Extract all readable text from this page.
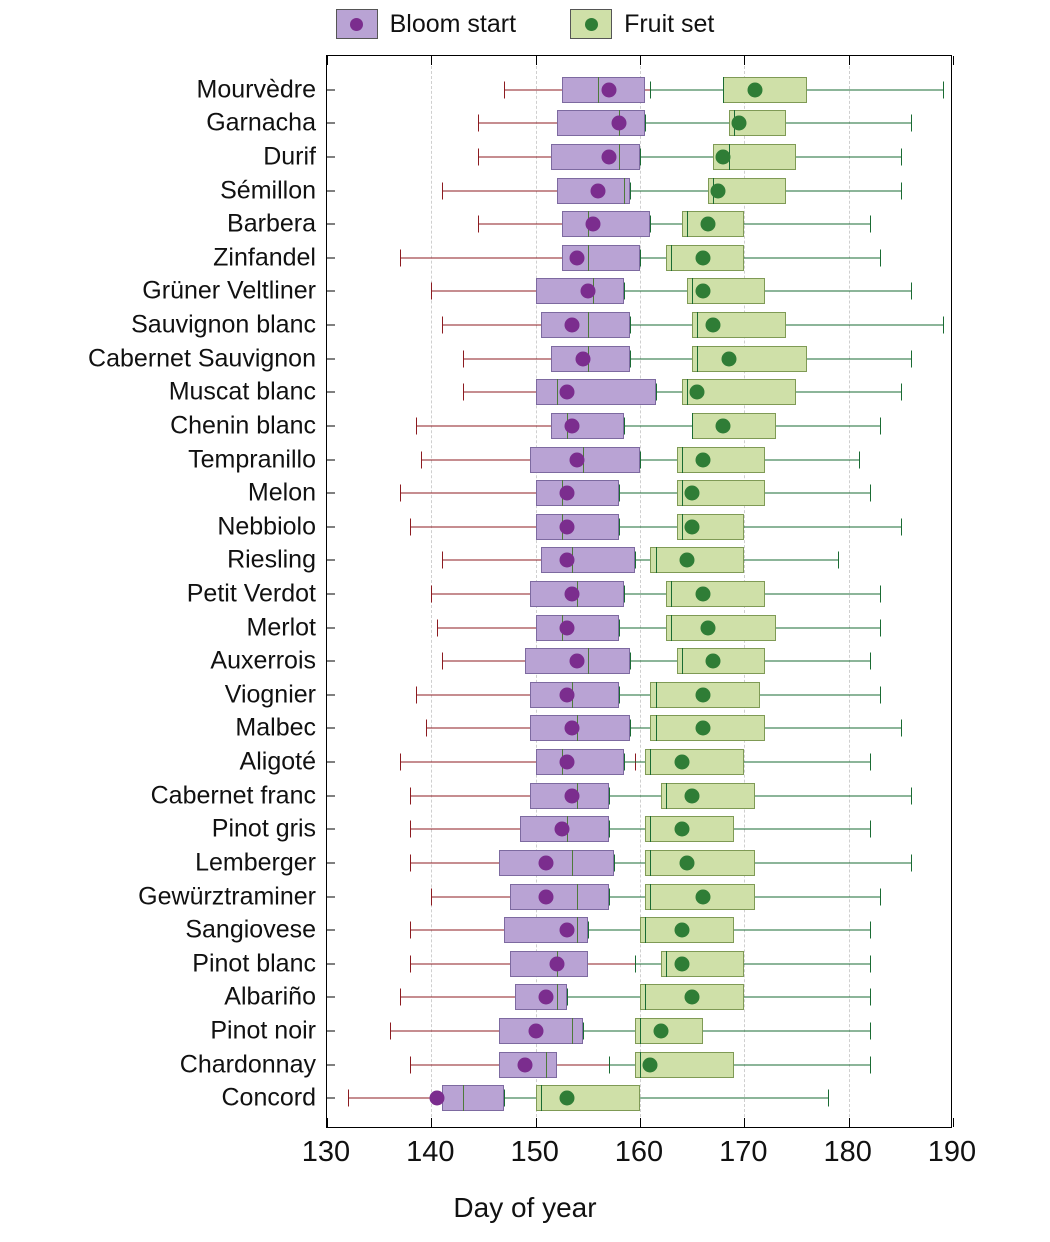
Bloom start	Fruit set
Mourvèdre
Garnacha
Durif
Sémillon
Barbera
Zinfandel
Grüner Veltliner
Sauvignon blanc
Cabernet Sauvignon
Muscat blanc
Chenin blanc
Tempranillo
Melon
Nebbiolo
Riesling
Petit Verdot
Merlot
Auxerrois
Viognier
Malbec
Aligoté
Cabernet franc
Pinot gris
Lemberger
Gewürztraminer
Sangiovese
Pinot blanc
Albariño
Pinot noir
Chardonnay
Concord
130 140 150 160 170 180 190
Day of year
